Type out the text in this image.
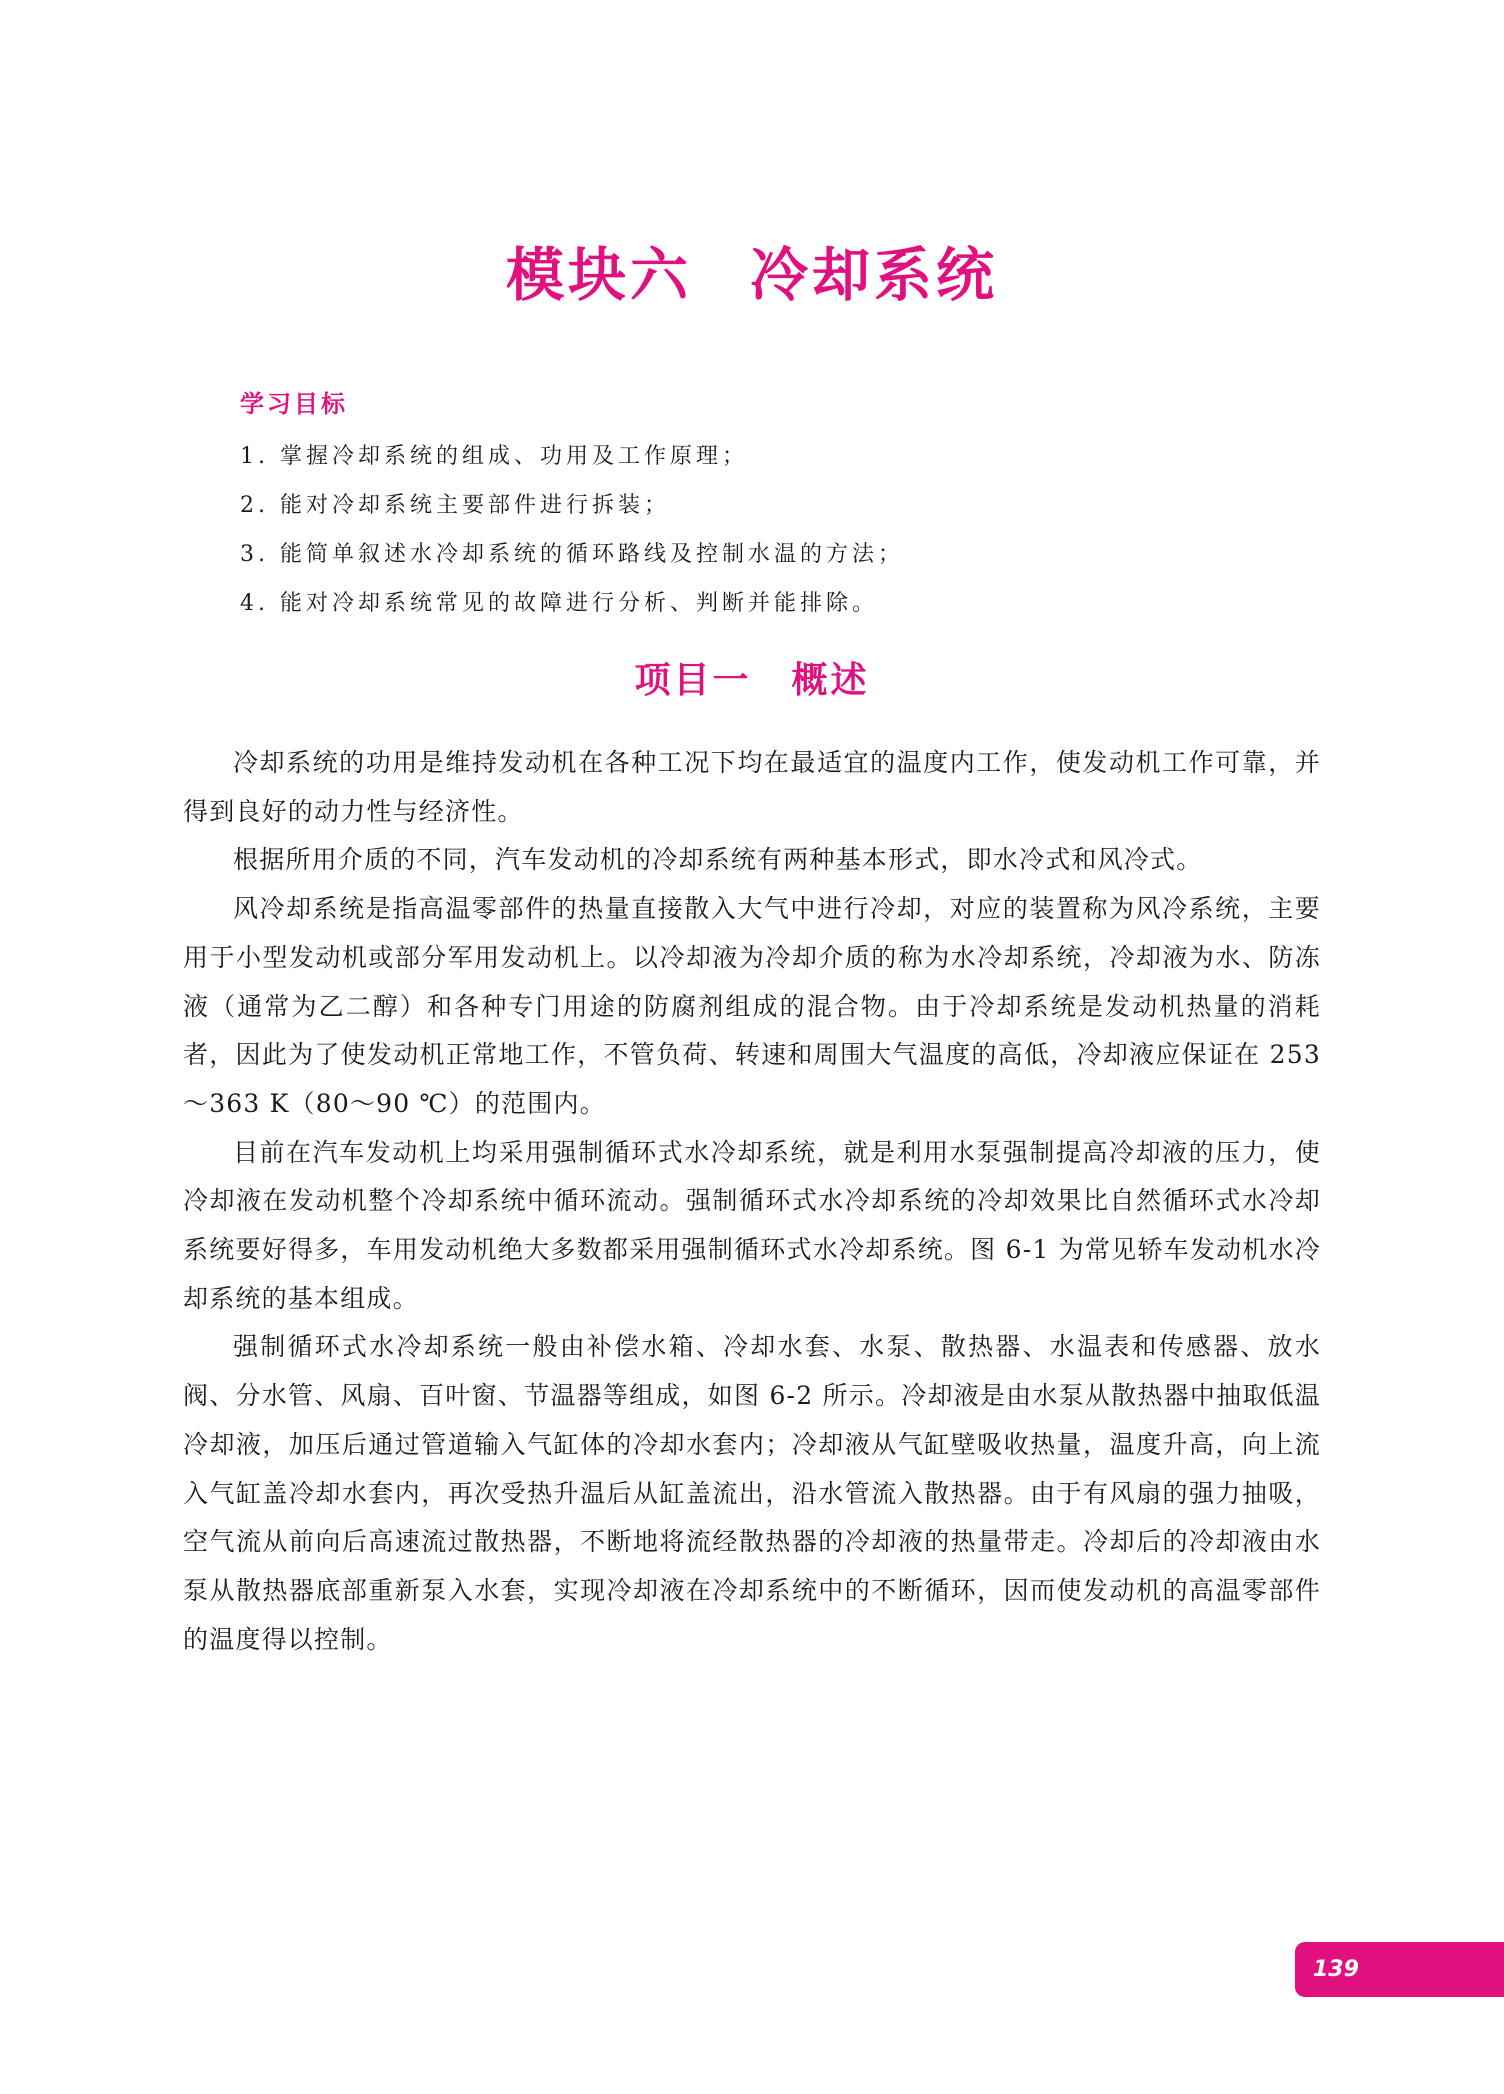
模块六 冷却系统
学习目标
1. 掌握冷却系统的组成、功用及工作原理；
2. 能对冷却系统主要部件进行拆装；
3. 能简单叙述水冷却系统的循环路线及控制水温的方法；
4. 能对冷却系统常见的故障进行分析、判断并能排除。
项目一 概述

冷却系统的功用是维持发动机在各种工况下均在最适宜的温度内工作，使发动机工作可靠，并得到良好的动力性与经济性。

根据所用介质的不同，汽车发动机的冷却系统有两种基本形式，即水冷式和风冷式。

风冷却系统是指高温零部件的热量直接散入大气中进行冷却，对应的装置称为风冷系统，主要用于小型发动机或部分军用发动机上。以冷却液为冷却介质的称为水冷却系统，冷却液为水、防冻液（通常为乙二醇）和各种专门用途的防腐剂组成的混合物。由于冷却系统是发动机热量的消耗者，因此为了使发动机正常地工作，不管负荷、转速和周围大气温度的高低，冷却液应保证在 253～363 K（80～90 ℃）的范围内。

目前在汽车发动机上均采用强制循环式水冷却系统，就是利用水泵强制提高冷却液的压力，使冷却液在发动机整个冷却系统中循环流动。强制循环式水冷却系统的冷却效果比自然循环式水冷却系统要好得多，车用发动机绝大多数都采用强制循环式水冷却系统。图 6-1 为常见轿车发动机水冷却系统的基本组成。

强制循环式水冷却系统一般由补偿水箱、冷却水套、水泵、散热器、水温表和传感器、放水阀、分水管、风扇、百叶窗、节温器等组成，如图 6-2 所示。冷却液是由水泵从散热器中抽取低温冷却液，加压后通过管道输入气缸体的冷却水套内；冷却液从气缸壁吸收热量，温度升高，向上流入气缸盖冷却水套内，再次受热升温后从缸盖流出，沿水管流入散热器。由于有风扇的强力抽吸，空气流从前向后高速流过散热器，不断地将流经散热器的冷却液的热量带走。冷却后的冷却液由水泵从散热器底部重新泵入水套，实现冷却液在冷却系统中的不断循环，因而使发动机的高温零部件的温度得以控制。

139
